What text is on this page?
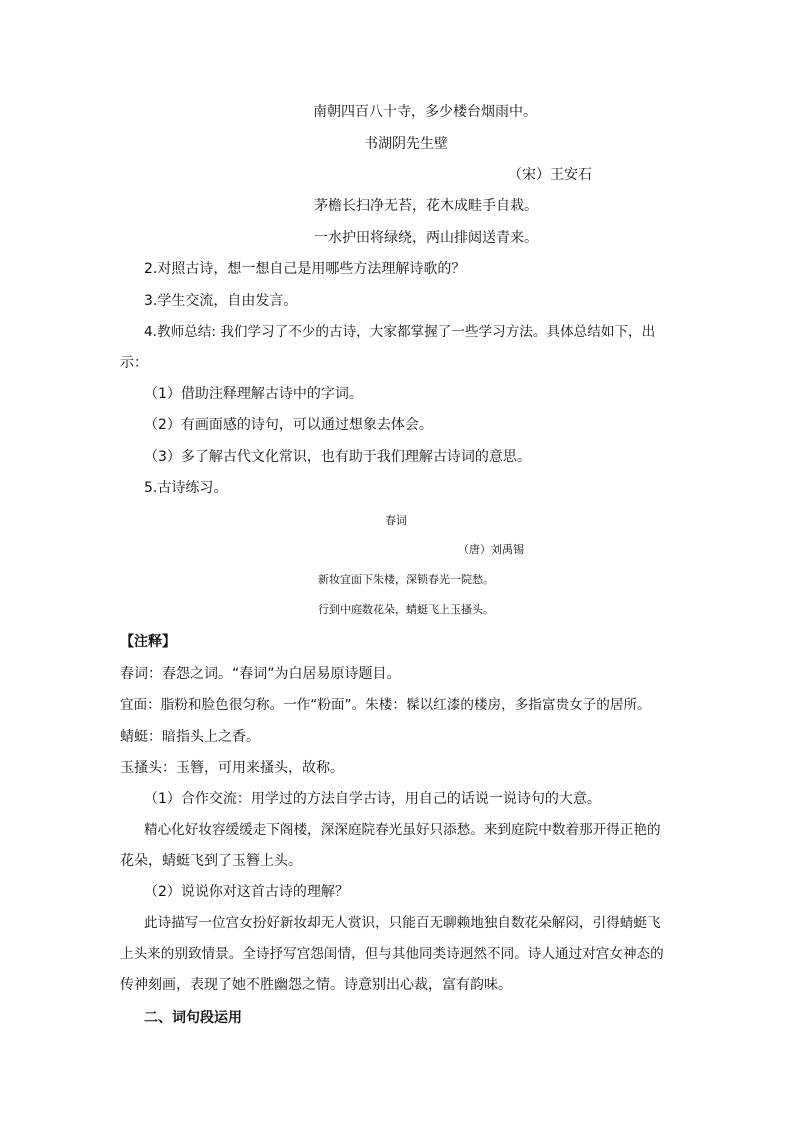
南朝四百八十寺，多少楼台烟雨中。
书湖阴先生壁
（宋）王安石
茅檐长扫净无苔，花木成畦手自栽。
一水护田将绿绕，两山排闼送青来。
2.对照古诗，想一想自己是用哪些方法理解诗歌的？
3.学生交流，自由发言。
4.教师总结: 我们学习了不少的古诗，大家都掌握了一些学习方法。具体总结如下，出
示：
（1）借助注释理解古诗中的字词。
（2）有画面感的诗句，可以通过想象去体会。
（3）多了解古代文化常识，也有助于我们理解古诗词的意思。
5.古诗练习。
春词
（唐）刘禹锡
新妆宜面下朱楼，深锁春光一院愁。
行到中庭数花朵，蜻蜓飞上玉搔头。
【注释】
春词：春怨之词。“春词”为白居易原诗题目。
宜面：脂粉和脸色很匀称。一作“粉面”。朱楼：髹以红漆的楼房，多指富贵女子的居所。
蜻蜓：暗指头上之香。
玉搔头：玉簪，可用来搔头，故称。
（1）合作交流：用学过的方法自学古诗，用自己的话说一说诗句的大意。
精心化好妆容缓缓走下阁楼，深深庭院春光虽好只添愁。来到庭院中数着那开得正艳的
花朵，蜻蜓飞到了玉簪上头。
（2）说说你对这首古诗的理解？
此诗描写一位宫女扮好新妆却无人赏识，只能百无聊赖地独自数花朵解闷，引得蜻蜓飞
上头来的别致情景。全诗抒写宫怨闺情，但与其他同类诗迥然不同。诗人通过对宫女神态的
传神刻画，表现了她不胜幽怨之情。诗意别出心裁，富有韵味。
二、词句段运用
